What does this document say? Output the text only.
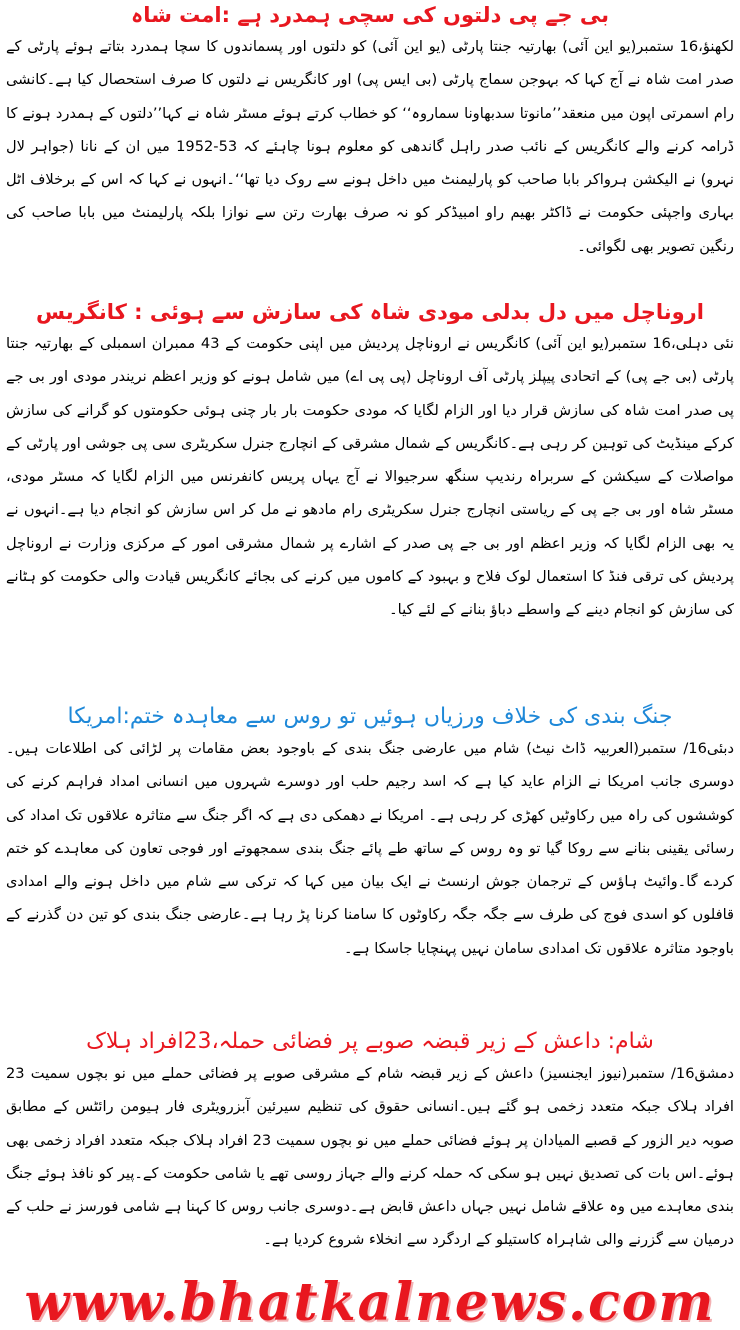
بی جے پی دلتوں کی سچی ہمدرد ہے :امت شاہ

لکھنؤ،16 ستمبر(یو این آئی) بھارتیہ جنتا پارٹی (یو این آئی) کو دلتوں اور پسماندوں کا سچا ہمدرد بتاتے ہوئے پارٹی کے صدر امت شاہ نے آج کہا کہ بہوجن سماج پارٹی (بی ایس پی) اور کانگریس نے دلتوں کا صرف استحصال کیا ہے۔کانشی رام اسمرتی اپون میں منعقد’’مانوتا سدبھاونا سماروہ‘‘ کو خطاب کرتے ہوئے مسٹر شاہ نے کہا’’دلتوں کے ہمدرد ہونے کا ڈرامہ کرنے والے کانگریس کے نائب صدر راہل گاندھی کو معلوم ہونا چاہئے کہ 53-1952 میں ان کے نانا (جواہر لال نہرو) نے الیکشن ہرواکر بابا صاحب کو پارلیمنٹ میں داخل ہونے سے روک دیا تھا‘‘۔انہوں نے کہا کہ اس کے برخلاف اٹل بہاری واجپئی حکومت نے ڈاکٹر بھیم راو امبیڈکر کو نہ صرف بھارت رتن سے نوازا بلکہ پارلیمنٹ میں بابا صاحب کی رنگین تصویر بھی لگوائی۔

اروناچل میں دل بدلی مودی شاہ کی سازش سے ہوئی : کانگریس

نئی دہلی،16 ستمبر(یو این آئی) کانگریس نے اروناچل پردیش میں اپنی حکومت کے 43 ممبران اسمبلی کے بھارتیہ جنتا پارٹی (بی جے پی) کے اتحادی پیپلز پارٹی آف اروناچل (پی پی اے) میں شامل ہونے کو وزیر اعظم نریندر مودی اور بی جے پی صدر امت شاہ کی سازش قرار دیا اور الزام لگایا کہ مودی حکومت بار بار چنی ہوئی حکومتوں کو گرانے کی سازش کرکے مینڈیٹ کی توہین کر رہی ہے۔کانگریس کے شمال مشرقی کے انچارج جنرل سکریٹری سی پی جوشی اور پارٹی کے مواصلات کے سیکشن کے سربراہ رندیپ سنگھ سرجیوالا نے آج یہاں پریس کانفرنس میں الزام لگایا کہ مسٹر مودی، مسٹر شاہ اور بی جے پی کے ریاستی انچارج جنرل سکریٹری رام مادھو نے مل کر اس سازش کو انجام دیا ہے۔انہوں نے یہ بھی الزام لگایا کہ وزیر اعظم اور بی جے پی صدر کے اشارے پر شمال مشرقی امور کے مرکزی وزارت نے اروناچل پردیش کی ترقی فنڈ کا استعمال لوک فلاح و بہبود کے کاموں میں کرنے کی بجائے کانگریس قیادت والی حکومت کو ہٹانے کی سازش کو انجام دینے کے واسطے دباؤ بنانے کے لئے کیا۔

جنگ بندی کی خلاف ورزیاں ہوئیں تو روس سے معاہدہ ختم:امریکا

دبئی16/ ستمبر(العربیہ ڈاٹ نیٹ) شام میں عارضی جنگ بندی کے باوجود بعض مقامات پر لڑائی کی اطلاعات ہیں۔دوسری جانب امریکا نے الزام عاید کیا ہے کہ اسد رجیم حلب اور دوسرے شہروں میں انسانی امداد فراہم کرنے کی کوششوں کی راہ میں رکاوٹیں کھڑی کر رہی ہے۔ امریکا نے دھمکی دی ہے کہ اگر جنگ سے متاثرہ علاقوں تک امداد کی رسائی یقینی بنانے سے روکا گیا تو وہ روس کے ساتھ طے پائے جنگ بندی سمجھوتے اور فوجی تعاون کی معاہدے کو ختم کردے گا۔وائیٹ ہاؤس کے ترجمان جوش ارنسٹ نے ایک بیان میں کہا کہ ترکی سے شام میں داخل ہونے والے امدادی قافلوں کو اسدی فوج کی طرف سے جگہ جگہ رکاوٹوں کا سامنا کرنا پڑ رہا ہے۔عارضی جنگ بندی کو تین دن گذرنے کے باوجود متاثرہ علاقوں تک امدادی سامان نہیں پہنچایا جاسکا ہے۔

شام: داعش کے زیر قبضہ صوبے پر فضائی حملہ،23افراد ہلاک

دمشق16/ ستمبر(نیوز ایجنسیز) داعش کے زیر قبضہ شام کے مشرقی صوبے پر فضائی حملے میں نو بچوں سمیت 23 افراد ہلاک جبکہ متعدد زخمی ہو گئے ہیں۔انسانی حقوق کی تنظیم سیرئین آبزرویٹری فار ہیومن رائٹس کے مطابق صوبہ دیر الزور کے قصبے المیادان پر ہوئے فضائی حملے میں نو بچوں سمیت 23 افراد ہلاک جبکہ متعدد افراد زخمی بھی ہوئے۔اس بات کی تصدیق نہیں ہو سکی کہ حملہ کرنے والے جہاز روسی تھے یا شامی حکومت کے۔پیر کو نافذ ہوئے جنگ بندی معاہدے میں وہ علاقے شامل نہیں جہاں داعش قابض ہے۔دوسری جانب روس کا کہنا ہے شامی فورسز نے حلب کے درمیان سے گزرنے والی شاہراہ کاستیلو کے اردگرد سے انخلاء شروع کردیا ہے۔

www.bhatkalnews.com
